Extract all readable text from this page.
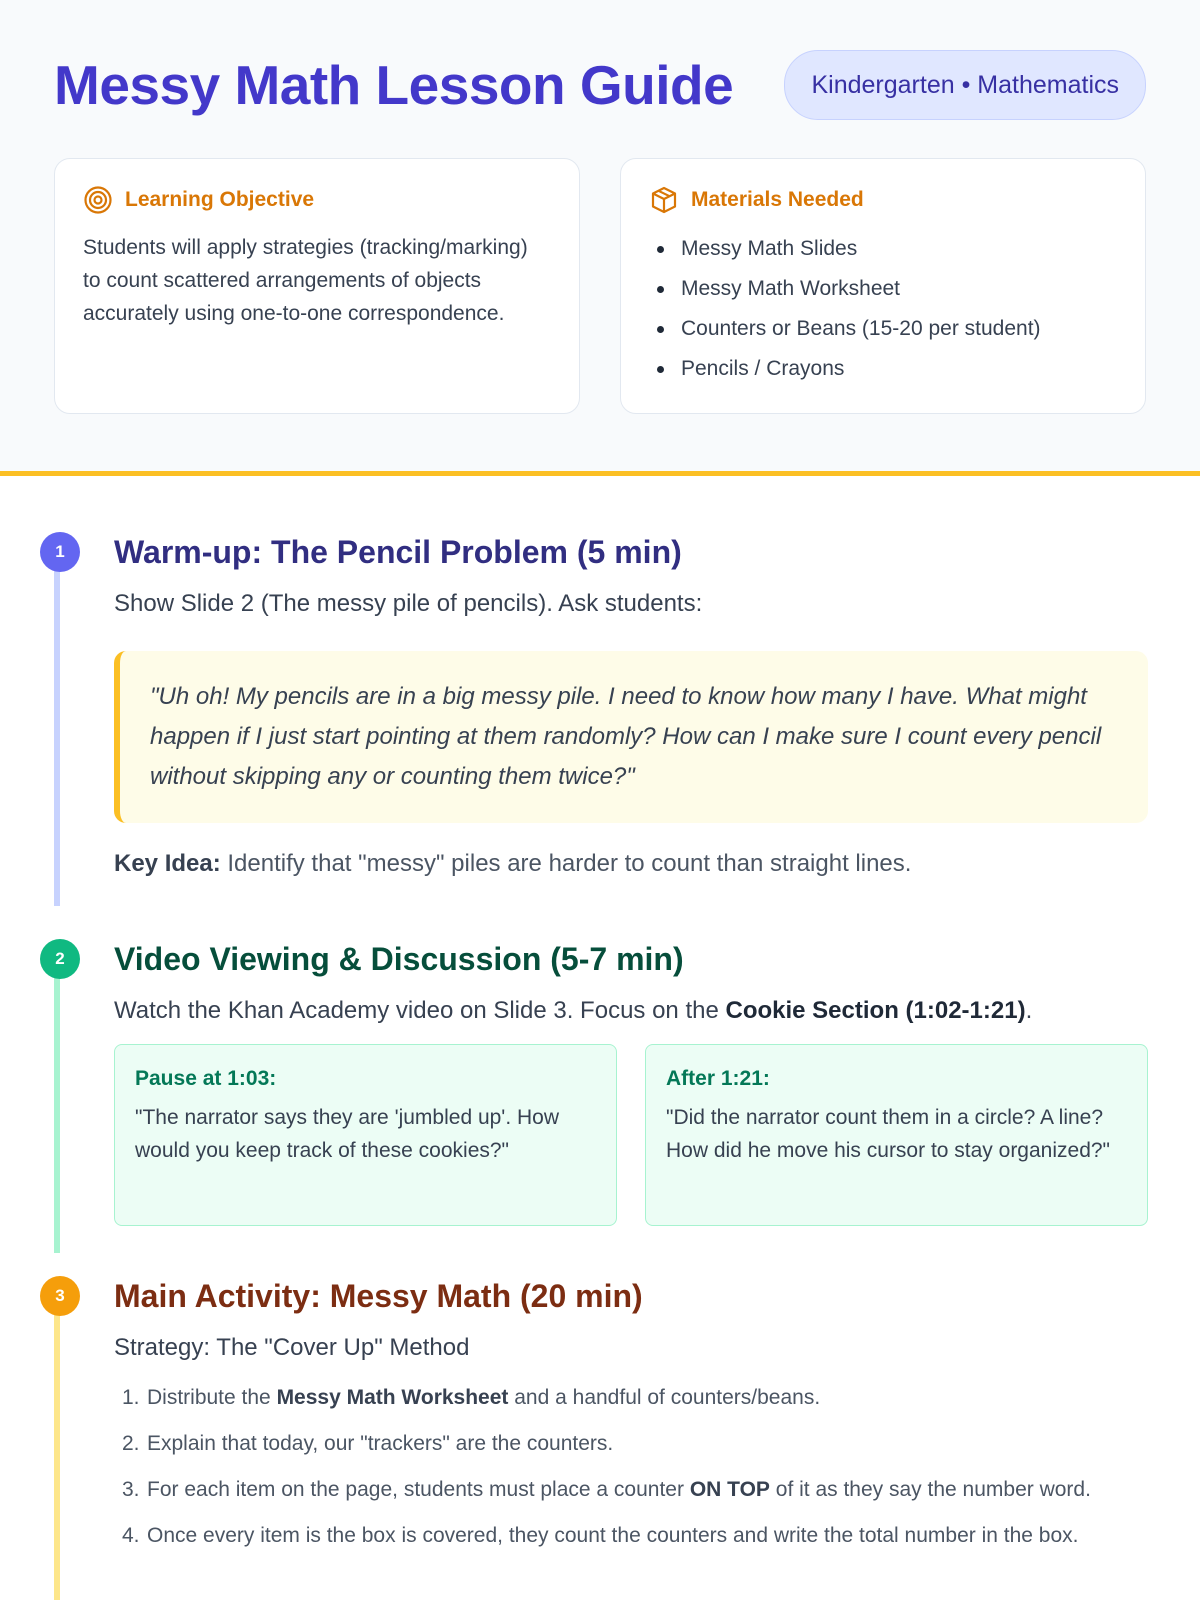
Messy Math Lesson Guide	Kindergarten • Mathematics
Learning Objective

Students will apply strategies (tracking/marking) to count scattered arrangements of objects accurately using one-to-one correspondence.

Materials Needed
Messy Math Slides
Messy Math Worksheet
Counters or Beans (15-20 per student)
Pencils / Crayons
1	Warm-up: The Pencil Problem (5 min)

Show Slide 2 (The messy pile of pencils). Ask students:

"Uh oh! My pencils are in a big messy pile. I need to know how many I have. What might happen if I just start pointing at them randomly? How can I make sure I count every pencil without skipping any or counting them twice?"

Key Idea: Identify that "messy" piles are harder to count than straight lines.

2	Video Viewing & Discussion (5-7 min)

Watch the Khan Academy video on Slide 3. Focus on the Cookie Section (1:02-1:21).

Pause at 1:03:

"The narrator says they are 'jumbled up'. How would you keep track of these cookies?"

After 1:21:

"Did the narrator count them in a circle? A line? How did he move his cursor to stay organized?"

3	Main Activity: Messy Math (20 min)

Strategy: The "Cover Up" Method

1. Distribute the Messy Math Worksheet and a handful of counters/beans.
2. Explain that today, our "trackers" are the counters.
3. For each item on the page, students must place a counter ON TOP of it as they say the number word.
4. Once every item is the box is covered, they count the counters and write the total number in the box.
